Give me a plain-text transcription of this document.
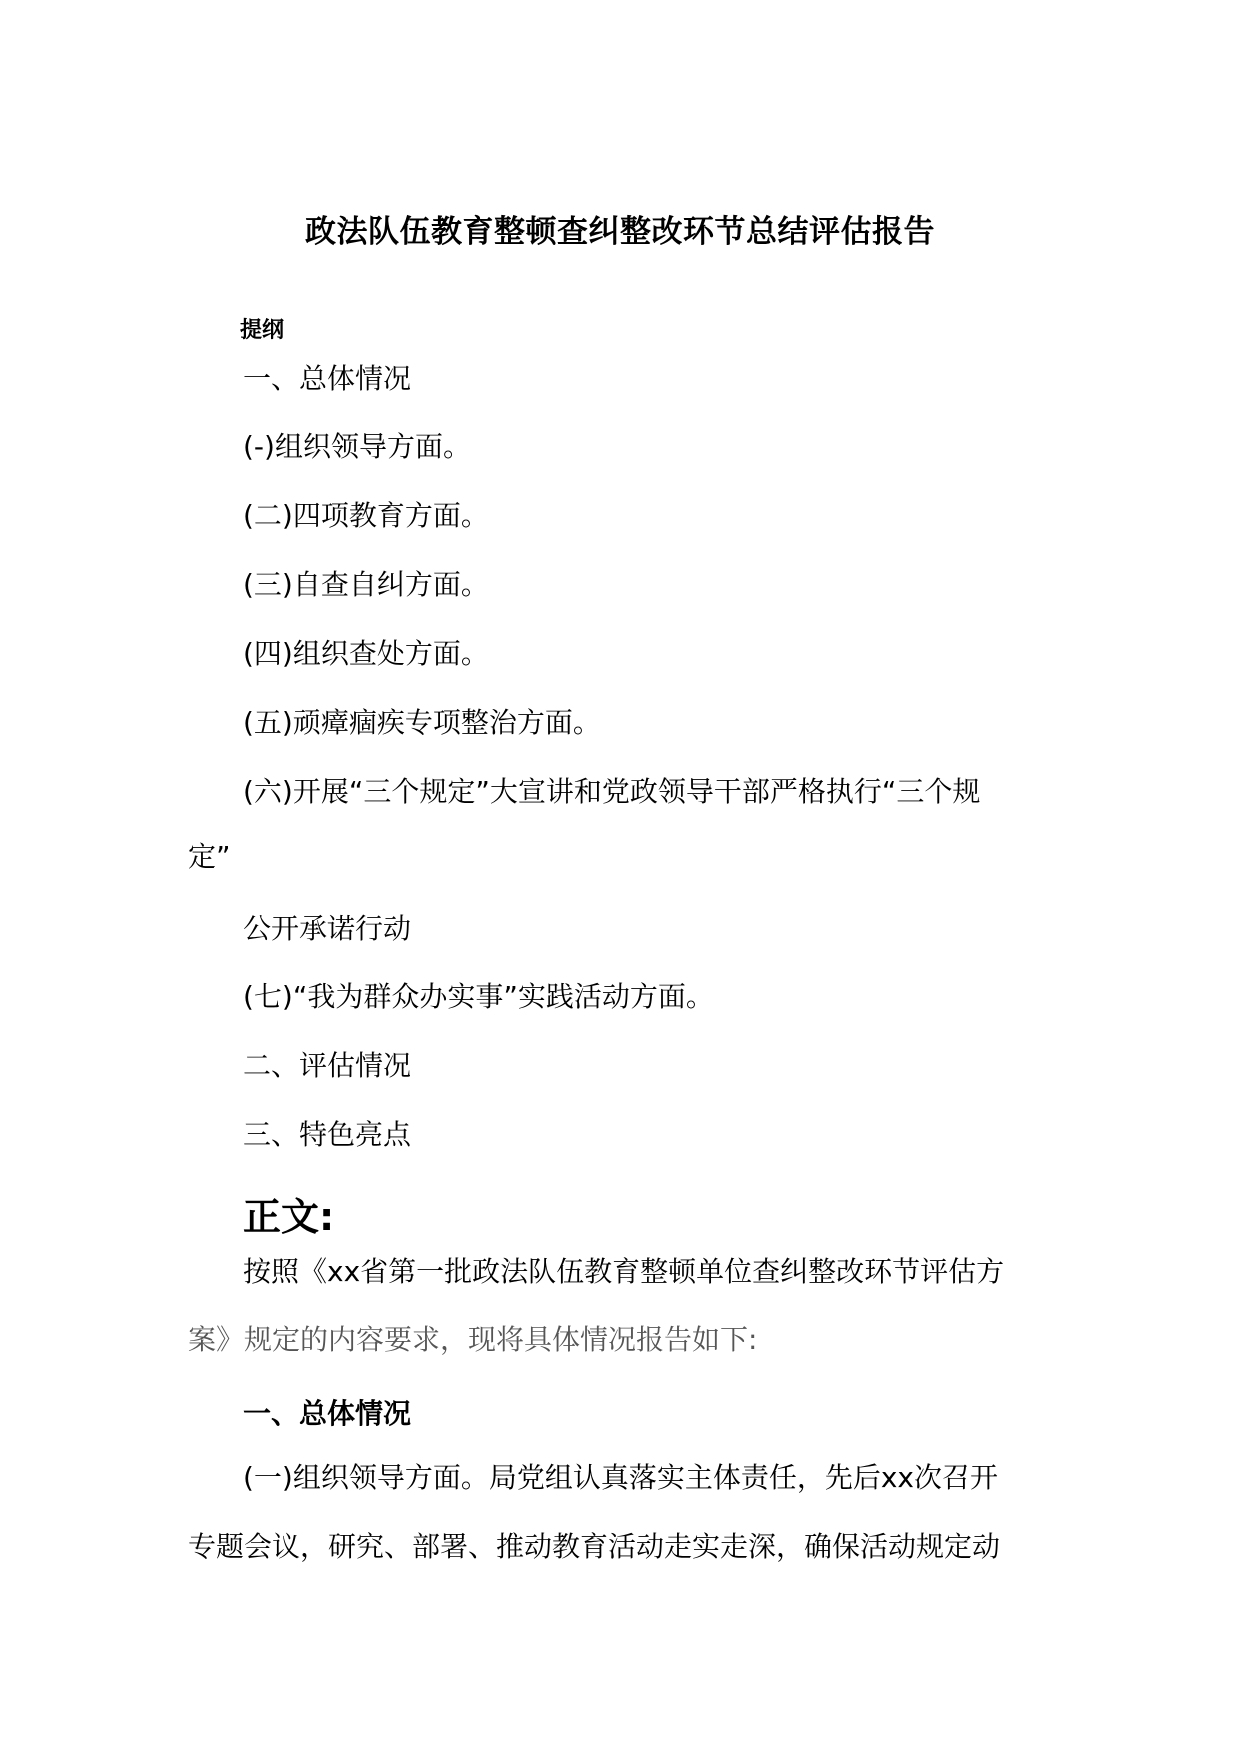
政法队伍教育整顿查纠整改环节总结评估报告
提纲
一、总体情况
(-)组织领导方面。
(二)四项教育方面。
(三)自查自纠方面。
(四)组织查处方面。
(五)顽瘴痼疾专项整治方面。
(六)开展“三个规定”大宣讲和党政领导干部严格执行“三个规
定”
公开承诺行动
(七)“我为群众办实事”实践活动方面。
二、评估情况
三、特色亮点
正文:
按照《xx省第一批政法队伍教育整顿单位查纠整改环节评估方
案》规定的内容要求，现将具体情况报告如下:
一、总体情况
(一)组织领导方面。局党组认真落实主体责任，先后xx次召开
专题会议，研究、部署、推动教育活动走实走深，确保活动规定动
